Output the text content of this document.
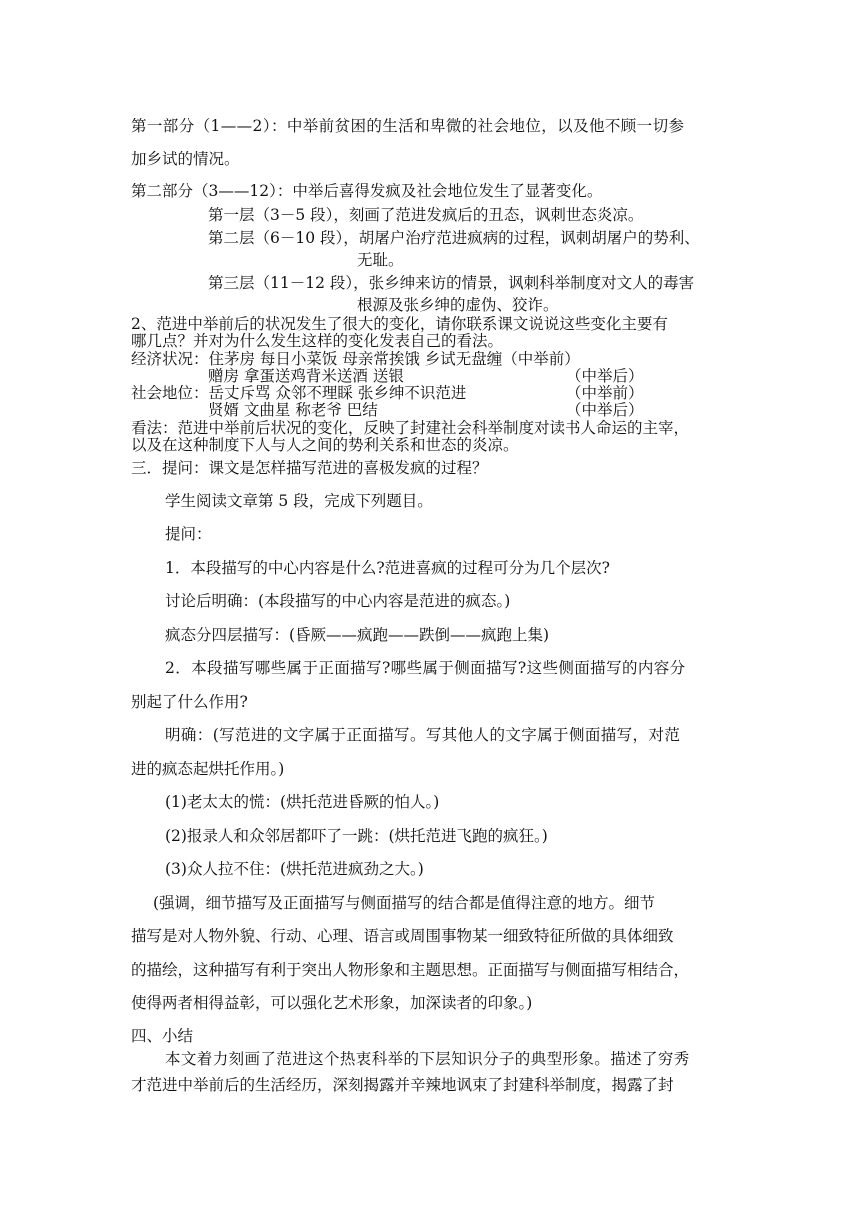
第一部分（1——2）：中举前贫困的生活和卑微的社会地位，以及他不顾一切参
加乡试的情况。
第二部分（3——12）：中举后喜得发疯及社会地位发生了显著变化。
第一层（3－5 段），刻画了范进发疯后的丑态，讽刺世态炎凉。
第二层（6－10 段），胡屠户治疗范进疯病的过程，讽刺胡屠户的势利、
无耻。
第三层（11－12 段），张乡绅来访的情景，讽刺科举制度对文人的毒害
根源及张乡绅的虚伪、狡诈。
2、范进中举前后的状况发生了很大的变化，请你联系课文说说这些变化主要有
哪几点？并对为什么发生这样的变化发表自己的看法。
经济状况：住茅房 每日小菜饭 母亲常挨饿 乡试无盘缠（中举前）
赠房 拿蛋送鸡背米送酒 送银	（中举后）
社会地位：岳丈斥骂 众邻不理睬 张乡绅不识范进	（中举前）
贤婿 文曲星 称老爷 巴结	（中举后）
看法：范进中举前后状况的变化，反映了封建社会科举制度对读书人命运的主宰，
以及在这种制度下人与人之间的势利关系和世态的炎凉。
三．提问：课文是怎样描写范进的喜极发疯的过程？
学生阅读文章第 5 段，完成下列题目。
提问：
1．本段描写的中心内容是什么?范进喜疯的过程可分为几个层次?
讨论后明确：(本段描写的中心内容是范进的疯态。)
疯态分四层描写：(昏厥——疯跑——跌倒——疯跑上集)
2．本段描写哪些属于正面描写?哪些属于侧面描写?这些侧面描写的内容分
别起了什么作用?
明确：(写范进的文字属于正面描写。写其他人的文字属于侧面描写，对范
进的疯态起烘托作用。)
(1)老太太的慌：(烘托范进昏厥的怕人。)
(2)报录人和众邻居都吓了一跳：(烘托范进飞跑的疯狂。)
(3)众人拉不住：(烘托范进疯劲之大。)
(强调，细节描写及正面描写与侧面描写的结合都是值得注意的地方。细节
描写是对人物外貌、行动、心理、语言或周围事物某一细致特征所做的具体细致
的描绘，这种描写有利于突出人物形象和主题思想。正面描写与侧面描写相结合，
使得两者相得益彰，可以强化艺术形象，加深读者的印象。)
四、小结
本文着力刻画了范进这个热衷科举的下层知识分子的典型形象。描述了穷秀
才范进中举前后的生活经历，深刻揭露并辛辣地讽束了封建科举制度，揭露了封
